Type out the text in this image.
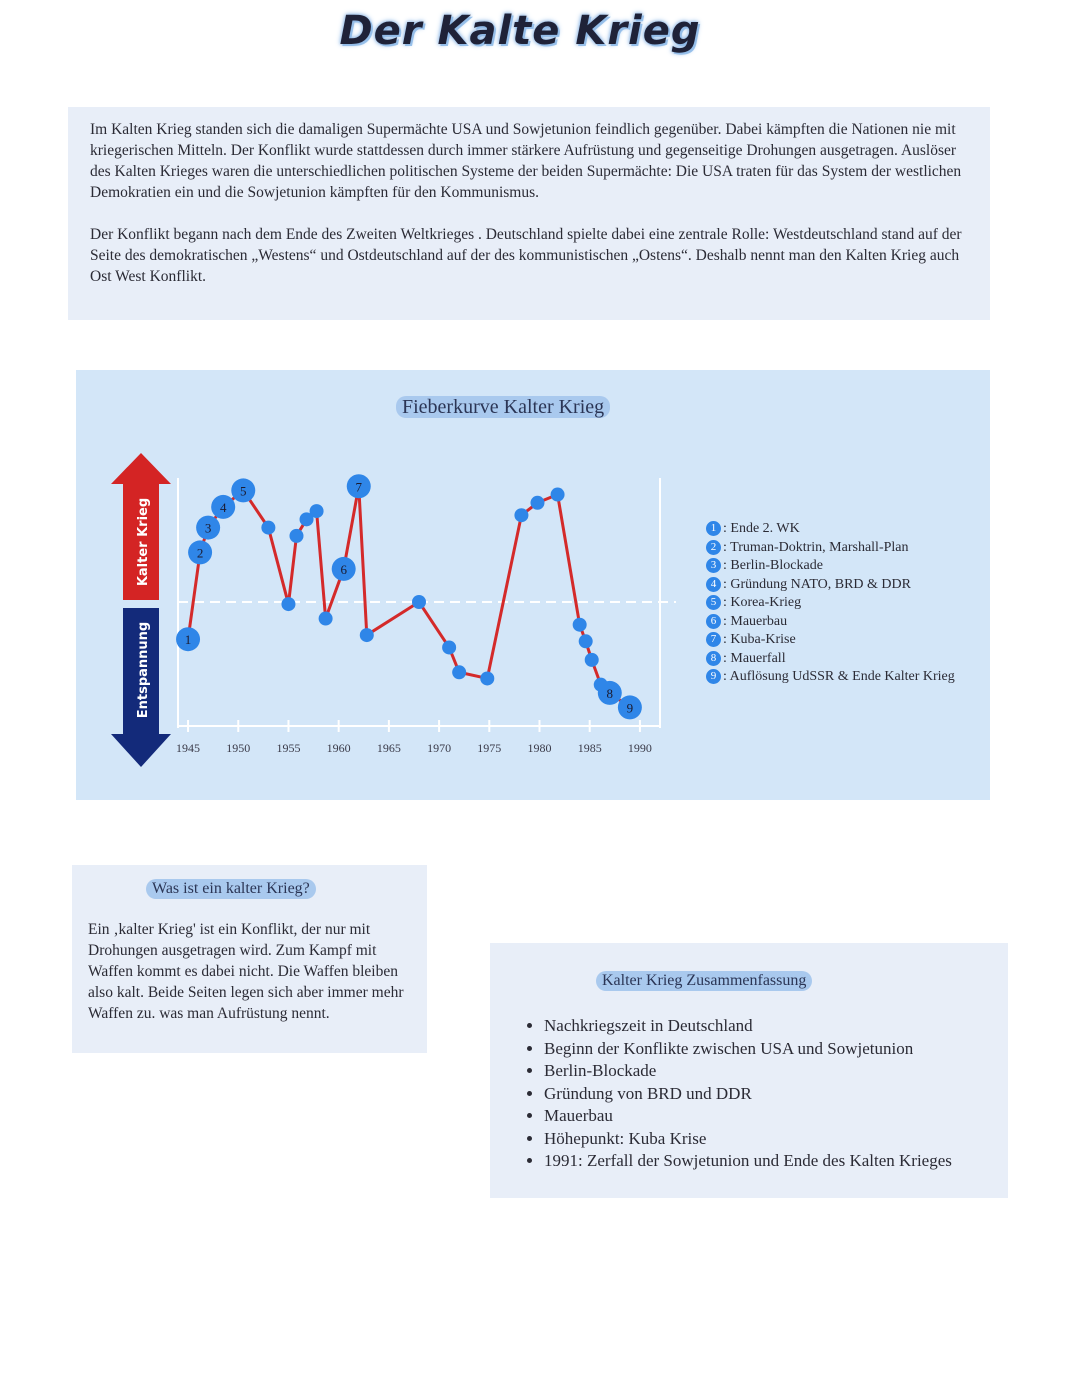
Der Kalte Krieg

Im Kalten Krieg standen sich die damaligen Supermächte USA und Sowjetunion feindlich gegenüber. Dabei kämpften die Nationen nie mit kriegerischen Mitteln. Der Konflikt wurde stattdessen durch immer stärkere Aufrüstung und gegenseitige Drohungen ausgetragen. Auslöser des Kalten Krieges waren die unterschiedlichen politischen Systeme der beiden Supermächte: Die USA traten für das System der westlichen Demokratien ein und die Sowjetunion kämpften für den Kommunismus.

Der Konflikt begann nach dem Ende des Zweiten Weltkrieges . Deutschland spielte dabei eine zentrale Rolle: Westdeutschland stand auf der Seite des demokratischen „Westens“ und Ostdeutschland auf der des kommunistischen „Ostens“. Deshalb nennt man den Kalten Krieg auch Ost West Konflikt.

Kalter Krieg
Entspannung
1945 1950 1955 1960 1965 1970 1975 1980 1985 1990
1
2
3
4
5
6
7
8
9
Fieberkurve Kalter Krieg
1 : Ende 2. WK
2 : Truman-Doktrin, Marshall-Plan
3 : Berlin-Blockade
4 : Gründung NATO, BRD & DDR
5 : Korea-Krieg
6 : Mauerbau
7 : Kuba-Krise
8 : Mauerfall
9 : Auflösung UdSSR & Ende Kalter Krieg
Was ist ein kalter Krieg?

Ein ‚kalter Krieg' ist ein Konflikt, der nur mit Drohungen ausgetragen wird. Zum Kampf mit Waffen kommt es dabei nicht. Die Waffen bleiben also kalt. Beide Seiten legen sich aber immer mehr Waffen zu. was man Aufrüstung nennt.

Kalter Krieg Zusammenfassung
• Nachkriegszeit in Deutschland
• Beginn der Konflikte zwischen USA und Sowjetunion
• Berlin-Blockade
• Gründung von BRD und DDR
• Mauerbau
• Höhepunkt: Kuba Krise
• 1991: Zerfall der Sowjetunion und Ende des Kalten Krieges
